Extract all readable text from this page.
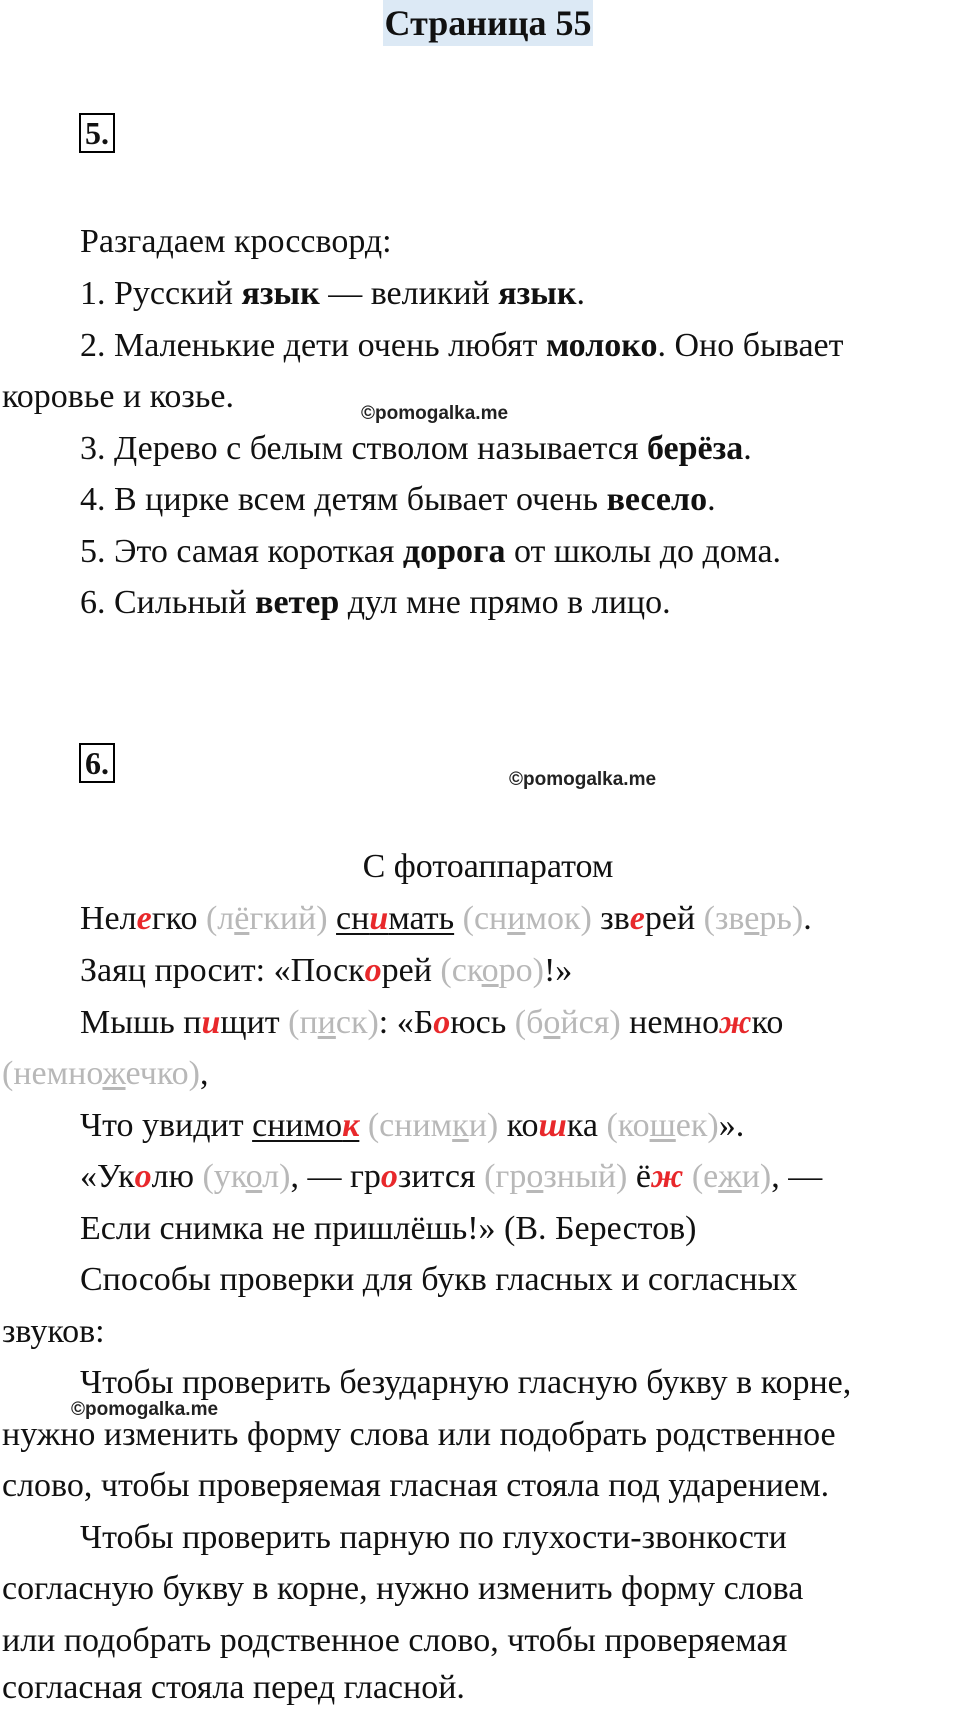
Страница 55
5.
Разгадаем кроссворд:
1. Русский язык — великий язык.
2. Маленькие дети очень любят молоко. Оно бывает
коровье и козье.	©pomogalka.me
3. Дерево с белым стволом называется берёза.
4. В цирке всем детям бывает очень весело.
5. Это самая короткая дорога от школы до дома.
6. Сильный ветер дул мне прямо в лицо.
6.	©pomogalka.me
С фотоаппаратом
Нелегко (лёгкий) снимать (снимок) зверей (зверь).
Заяц просит: «Поскорей (скоро)!»
Мышь пищит (писк): «Боюсь (бойся) немножко
(немножечко),
Что увидит снимок (снимки) кошка (кошек)».
«Уколю (укол), — грозится (грозный) ёж (ежи), —
Если снимка не пришлёшь!» (В. Берестов)
Способы проверки для букв гласных и согласных
звуков:
Чтобы проверить безударную гласную букву в корне,
©pomogalka.me
нужно изменить форму слова или подобрать родственное
слово, чтобы проверяемая гласная стояла под ударением.
Чтобы проверить парную по глухости-звонкости
согласную букву в корне, нужно изменить форму слова
или подобрать родственное слово, чтобы проверяемая
согласная стояла перед гласной.
